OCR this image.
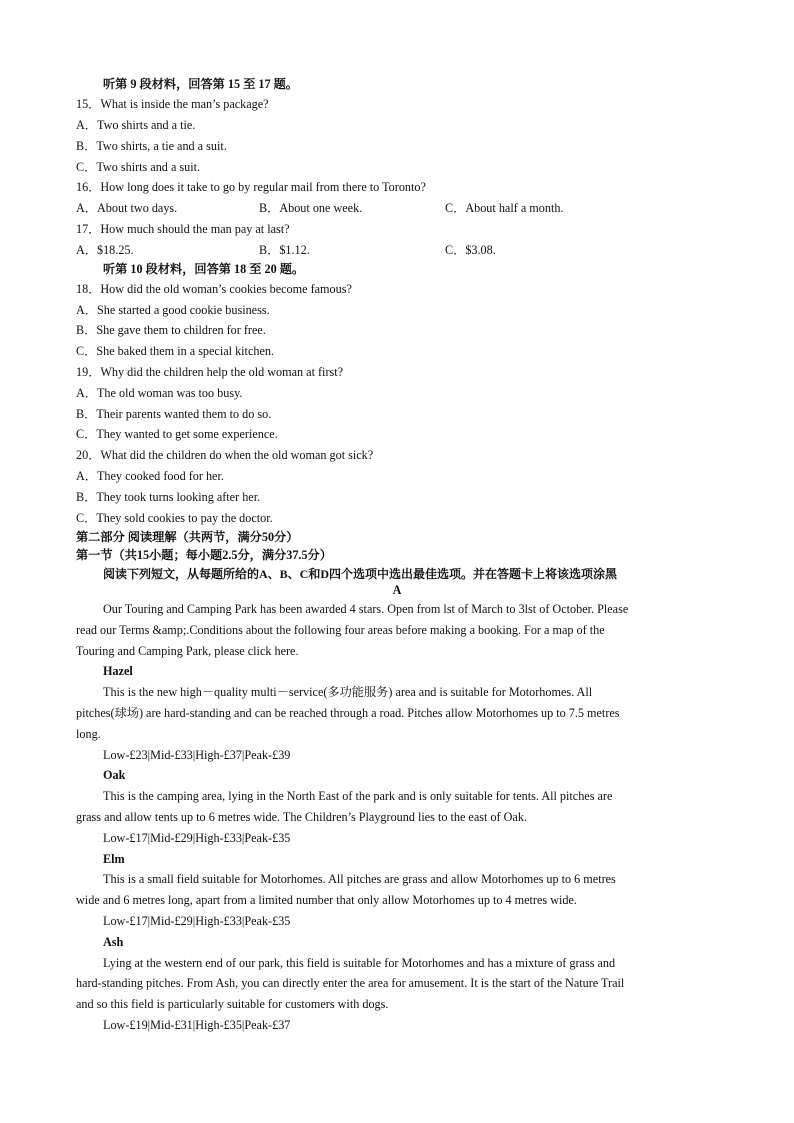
听第 9 段材料，回答第 15 至 17 题。
15．What is inside the man’s package?
A．Two shirts and a tie.
B．Two shirts, a tie and a suit.
C．Two shirts and a suit.
16．How long does it take to go by regular mail from there to Toronto?
A．About two days.	B．About one week.	C．About half a month.
17．How much should the man pay at last?
A．$18.25.	B．$1.12.	C．$3.08.
听第 10 段材料，回答第 18 至 20 题。
18．How did the old woman’s cookies become famous?
A．She started a good cookie business.
B．She gave them to children for free.
C．She baked them in a special kitchen.
19．Why did the children help the old woman at first?
A．The old woman was too busy.
B．Their parents wanted them to do so.
C．They wanted to get some experience.
20．What did the children do when the old woman got sick?
A．They cooked food for her.
B．They took turns looking after her.
C．They sold cookies to pay the doctor.
第二部分 阅读理解（共两节，满分50分）
第一节（共15小题；每小题2.5分，满分37.5分）
阅读下列短文，从每题所给的A、B、C和D四个选项中选出最佳选项。并在答题卡上将该选项涂黑
A
Our Touring and Camping Park has been awarded 4 stars. Open from lst of March to 3lst of October. Please
read our Terms &amp;.Conditions about the following four areas before making a booking. For a map of the
Touring and Camping Park, please click here.
Hazel
This is the new high－quality multi－service(多功能服务) area and is suitable for Motorhomes. All
pitches(球场) are hard-standing and can be reached through a road. Pitches allow Motorhomes up to 7.5 metres
long.
Low-£23|Mid-£33|High-£37|Peak-£39
Oak
This is the camping area, lying in the North East of the park and is only suitable for tents. All pitches are
grass and allow tents up to 6 metres wide. The Children’s Playground lies to the east of Oak.
Low-£17|Mid-£29|High-£33|Peak-£35
Elm
This is a small field suitable for Motorhomes. All pitches are grass and allow Motorhomes up to 6 metres
wide and 6 metres long, apart from a limited number that only allow Motorhomes up to 4 metres wide.
Low-£17|Mid-£29|High-£33|Peak-£35
Ash
Lying at the western end of our park, this field is suitable for Motorhomes and has a mixture of grass and
hard-standing pitches. From Ash, you can directly enter the area for amusement. It is the start of the Nature Trail
and so this field is particularly suitable for customers with dogs.
Low-£19|Mid-£31|High-£35|Peak-£37
